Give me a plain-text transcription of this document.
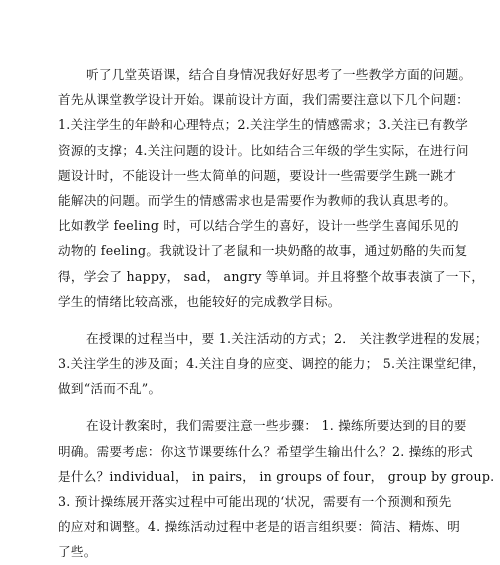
听了几堂英语课，结合自身情况我好好思考了一些教学方面的问题。
首先从课堂教学设计开始。课前设计方面，我们需要注意以下几个问题：
1.关注学生的年龄和心理特点；2.关注学生的情感需求；3.关注已有教学
资源的支撑；4.关注问题的设计。比如结合三年级的学生实际，在进行问
题设计时，不能设计一些太简单的问题，要设计一些需要学生跳一跳才
能解决的问题。而学生的情感需求也是需要作为教师的我认真思考的。
比如教学 feeling 时，可以结合学生的喜好，设计一些学生喜闻乐见的
动物的 feeling。我就设计了老鼠和一块奶酪的故事，通过奶酪的失而复
得，学会了 happy， sad， angry 等单词。并且将整个故事表演了一下，
学生的情绪比较高涨，也能较好的完成教学目标。
在授课的过程当中，要 1.关注活动的方式；2． 关注教学进程的发展；
3.关注学生的涉及面；4.关注自身的应变、调控的能力； 5.关注课堂纪律，
做到“活而不乱”。
在设计教案时，我们需要注意一些步骤： 1. 操练所要达到的目的要
明确。需要考虑：你这节课要练什么？希望学生输出什么？2. 操练的形式
是什么？individual， in pairs， in groups of four， group by group.
3. 预计操练展开落实过程中可能出现的‘状况，需要有一个预测和预先
的应对和调整。4. 操练活动过程中老是的语言组织要：简洁、精炼、明
了些。
